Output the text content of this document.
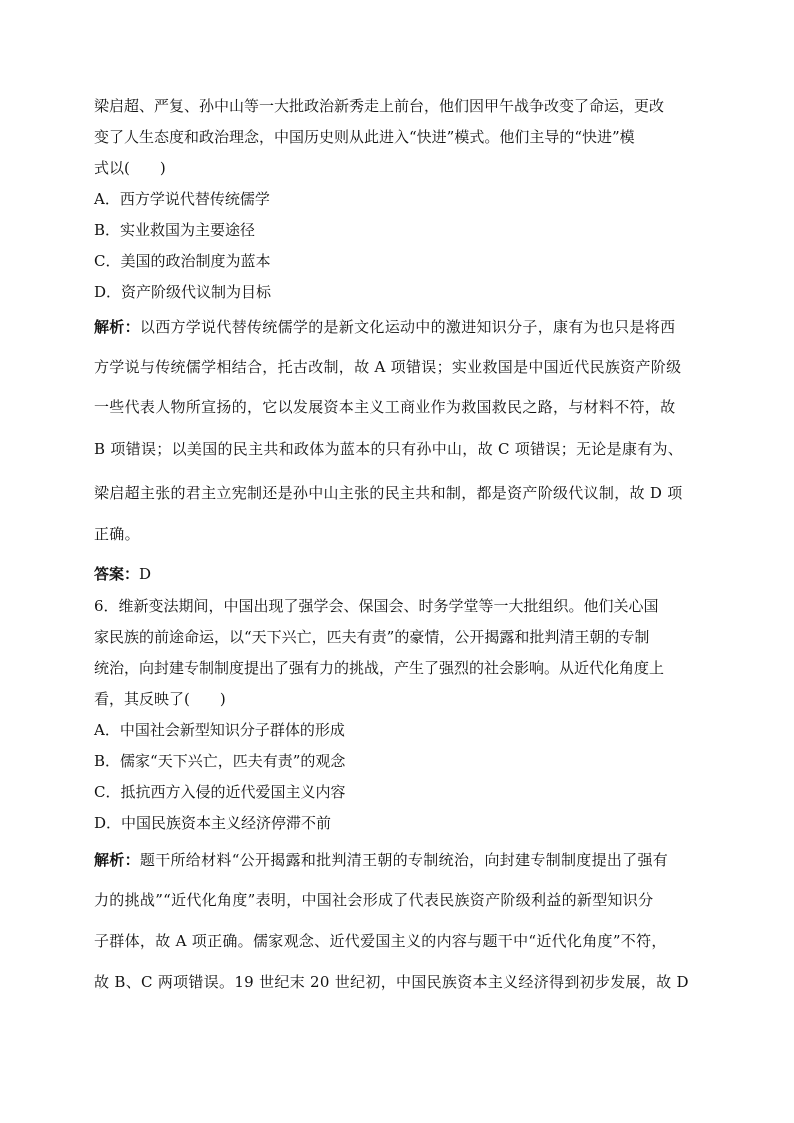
梁启超、严复、孙中山等一大批政治新秀走上前台，他们因甲午战争改变了命运，更改
变了人生态度和政治理念，中国历史则从此进入“快进”模式。他们主导的“快进”模
式以(　　)
A．西方学说代替传统儒学
B．实业救国为主要途径
C．美国的政治制度为蓝本
D．资产阶级代议制为目标
解析：以西方学说代替传统儒学的是新文化运动中的激进知识分子，康有为也只是将西
方学说与传统儒学相结合，托古改制，故 A 项错误；实业救国是中国近代民族资产阶级
一些代表人物所宣扬的，它以发展资本主义工商业作为救国救民之路，与材料不符，故
B 项错误；以美国的民主共和政体为蓝本的只有孙中山，故 C 项错误；无论是康有为、
梁启超主张的君主立宪制还是孙中山主张的民主共和制，都是资产阶级代议制，故 D 项
正确。
答案：D
6．维新变法期间，中国出现了强学会、保国会、时务学堂等一大批组织。他们关心国
家民族的前途命运，以“天下兴亡，匹夫有责”的豪情，公开揭露和批判清王朝的专制
统治，向封建专制制度提出了强有力的挑战，产生了强烈的社会影响。从近代化角度上
看，其反映了(　　)
A．中国社会新型知识分子群体的形成
B．儒家“天下兴亡，匹夫有责”的观念
C．抵抗西方入侵的近代爱国主义内容
D．中国民族资本主义经济停滞不前
解析：题干所给材料“公开揭露和批判清王朝的专制统治，向封建专制制度提出了强有
力的挑战”“近代化角度”表明，中国社会形成了代表民族资产阶级利益的新型知识分
子群体，故 A 项正确。儒家观念、近代爱国主义的内容与题干中“近代化角度”不符，
故 B、C 两项错误。19 世纪末 20 世纪初，中国民族资本主义经济得到初步发展，故 D
